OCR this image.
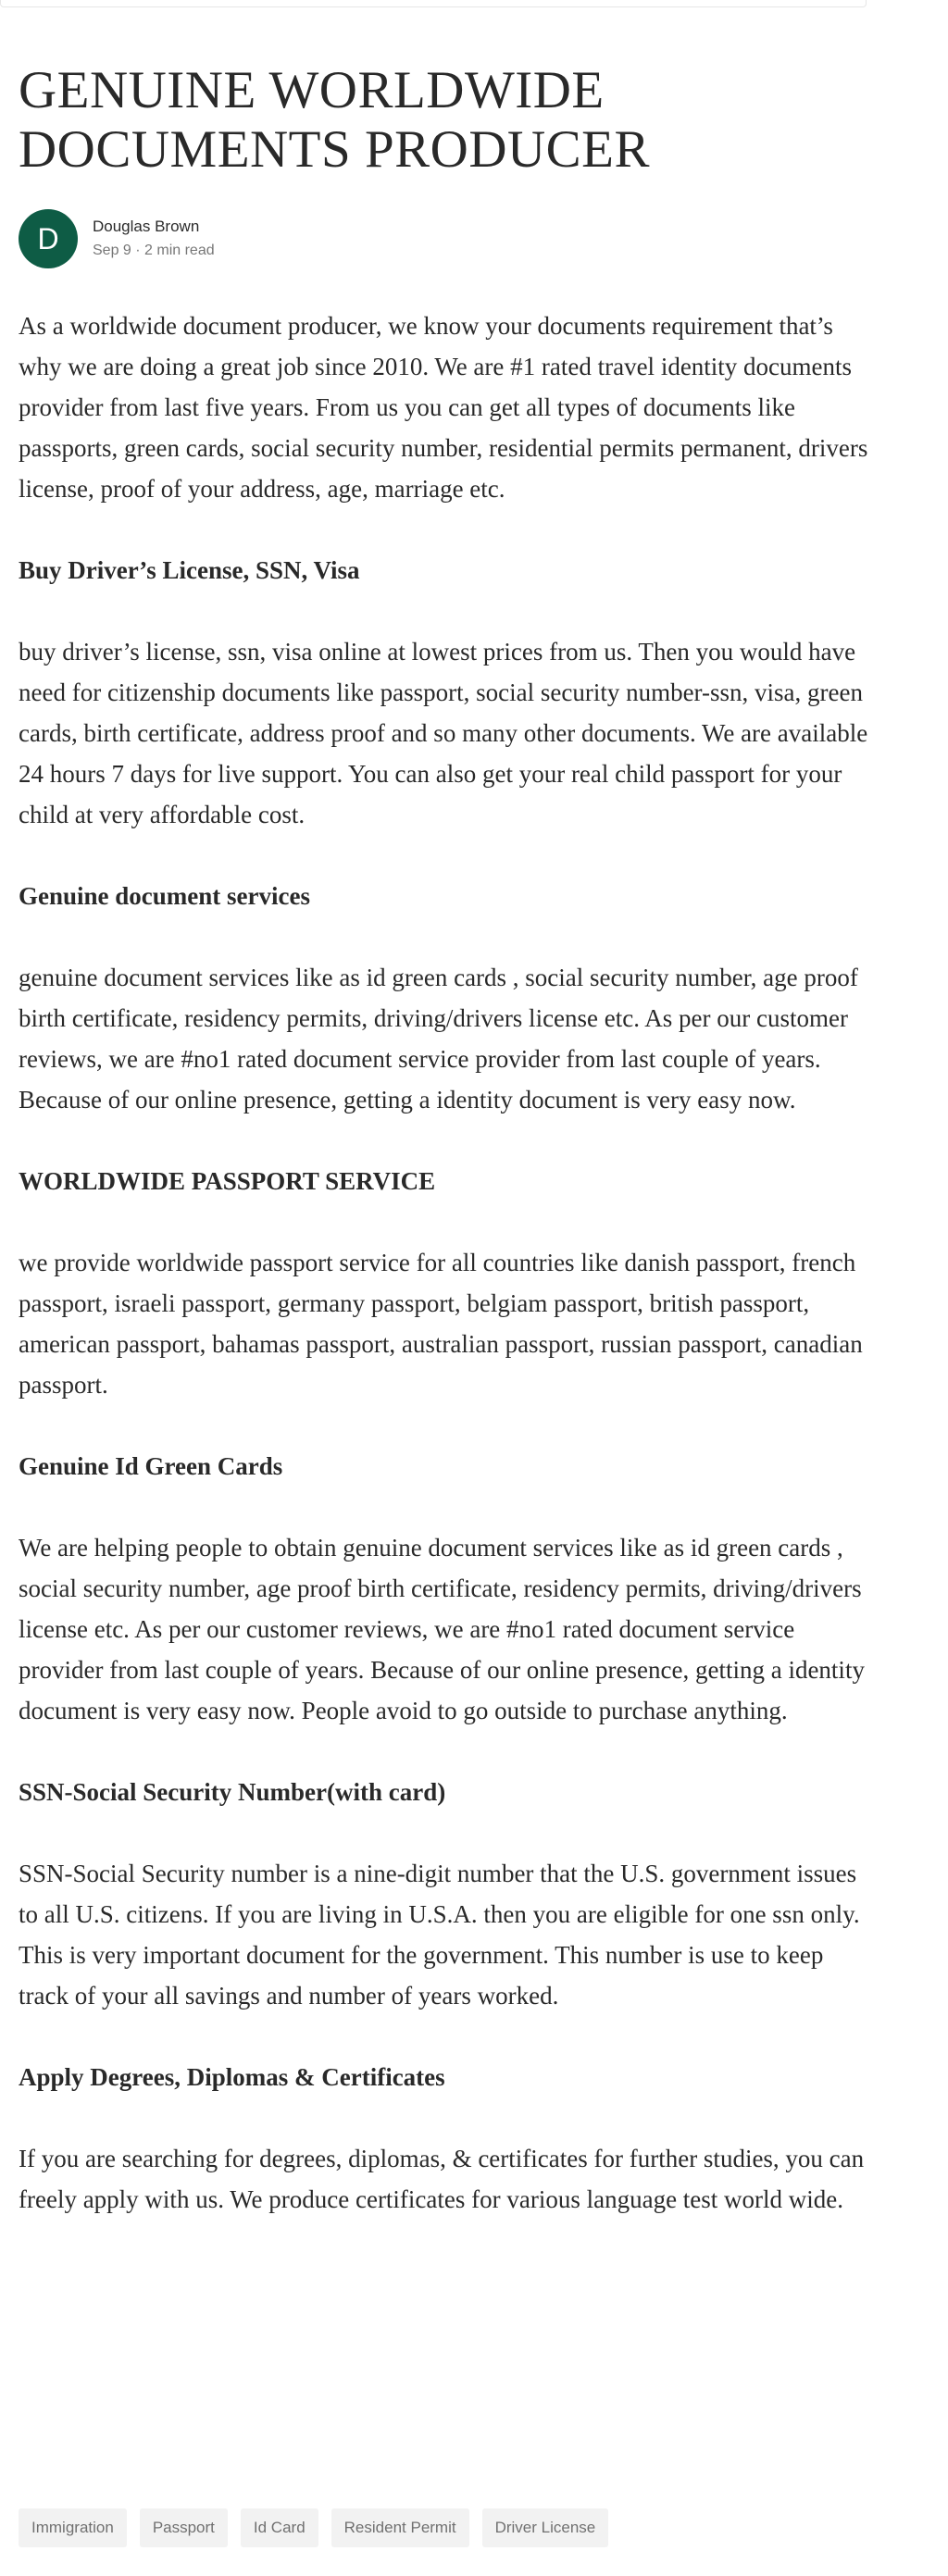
GENUINE WORLDWIDE DOCUMENTS PRODUCER
D	Douglas Brown
Sep 9 · 2 min read

As a worldwide document producer, we know your documents requirement that’s why we are doing a great job since 2010. We are #1 rated travel identity documents provider from last five years. From us you can get all types of documents like passports, green cards, social security number, residential permits permanent, drivers license, proof of your address, age, marriage etc.

Buy Driver’s License, SSN, Visa

buy driver’s license, ssn, visa online at lowest prices from us. Then you would have need for citizenship documents like passport, social security number-ssn, visa, green cards, birth certificate, address proof and so many other documents. We are available 24 hours 7 days for live support. You can also get your real child passport for your child at very affordable cost.

Genuine document services

genuine document services like as id green cards , social security number, age proof birth certificate, residency permits, driving/drivers license etc. As per our customer reviews, we are #no1 rated document service provider from last couple of years. Because of our online presence, getting a identity document is very easy now.

WORLDWIDE PASSPORT SERVICE

we provide worldwide passport service for all countries like danish passport, french passport, israeli passport, germany passport, belgiam passport, british passport, american passport, bahamas passport, australian passport, russian passport, canadian passport.

Genuine Id Green Cards

We are helping people to obtain genuine document services like as id green cards , social security number, age proof birth certificate, residency permits, driving/drivers license etc. As per our customer reviews, we are #no1 rated document service provider from last couple of years. Because of our online presence, getting a identity document is very easy now. People avoid to go outside to purchase anything.

SSN-Social Security Number(with card)

SSN-Social Security number is a nine-digit number that the U.S. government issues to all U.S. citizens. If you are living in U.S.A. then you are eligible for one ssn only. This is very important document for the government. This number is use to keep track of your all savings and number of years worked.

Apply Degrees, Diplomas & Certificates

If you are searching for degrees, diplomas, & certificates for further studies, you can freely apply with us. We produce certificates for various language test world wide.

Immigration	Passport	Id Card	Resident Permit	Driver License
